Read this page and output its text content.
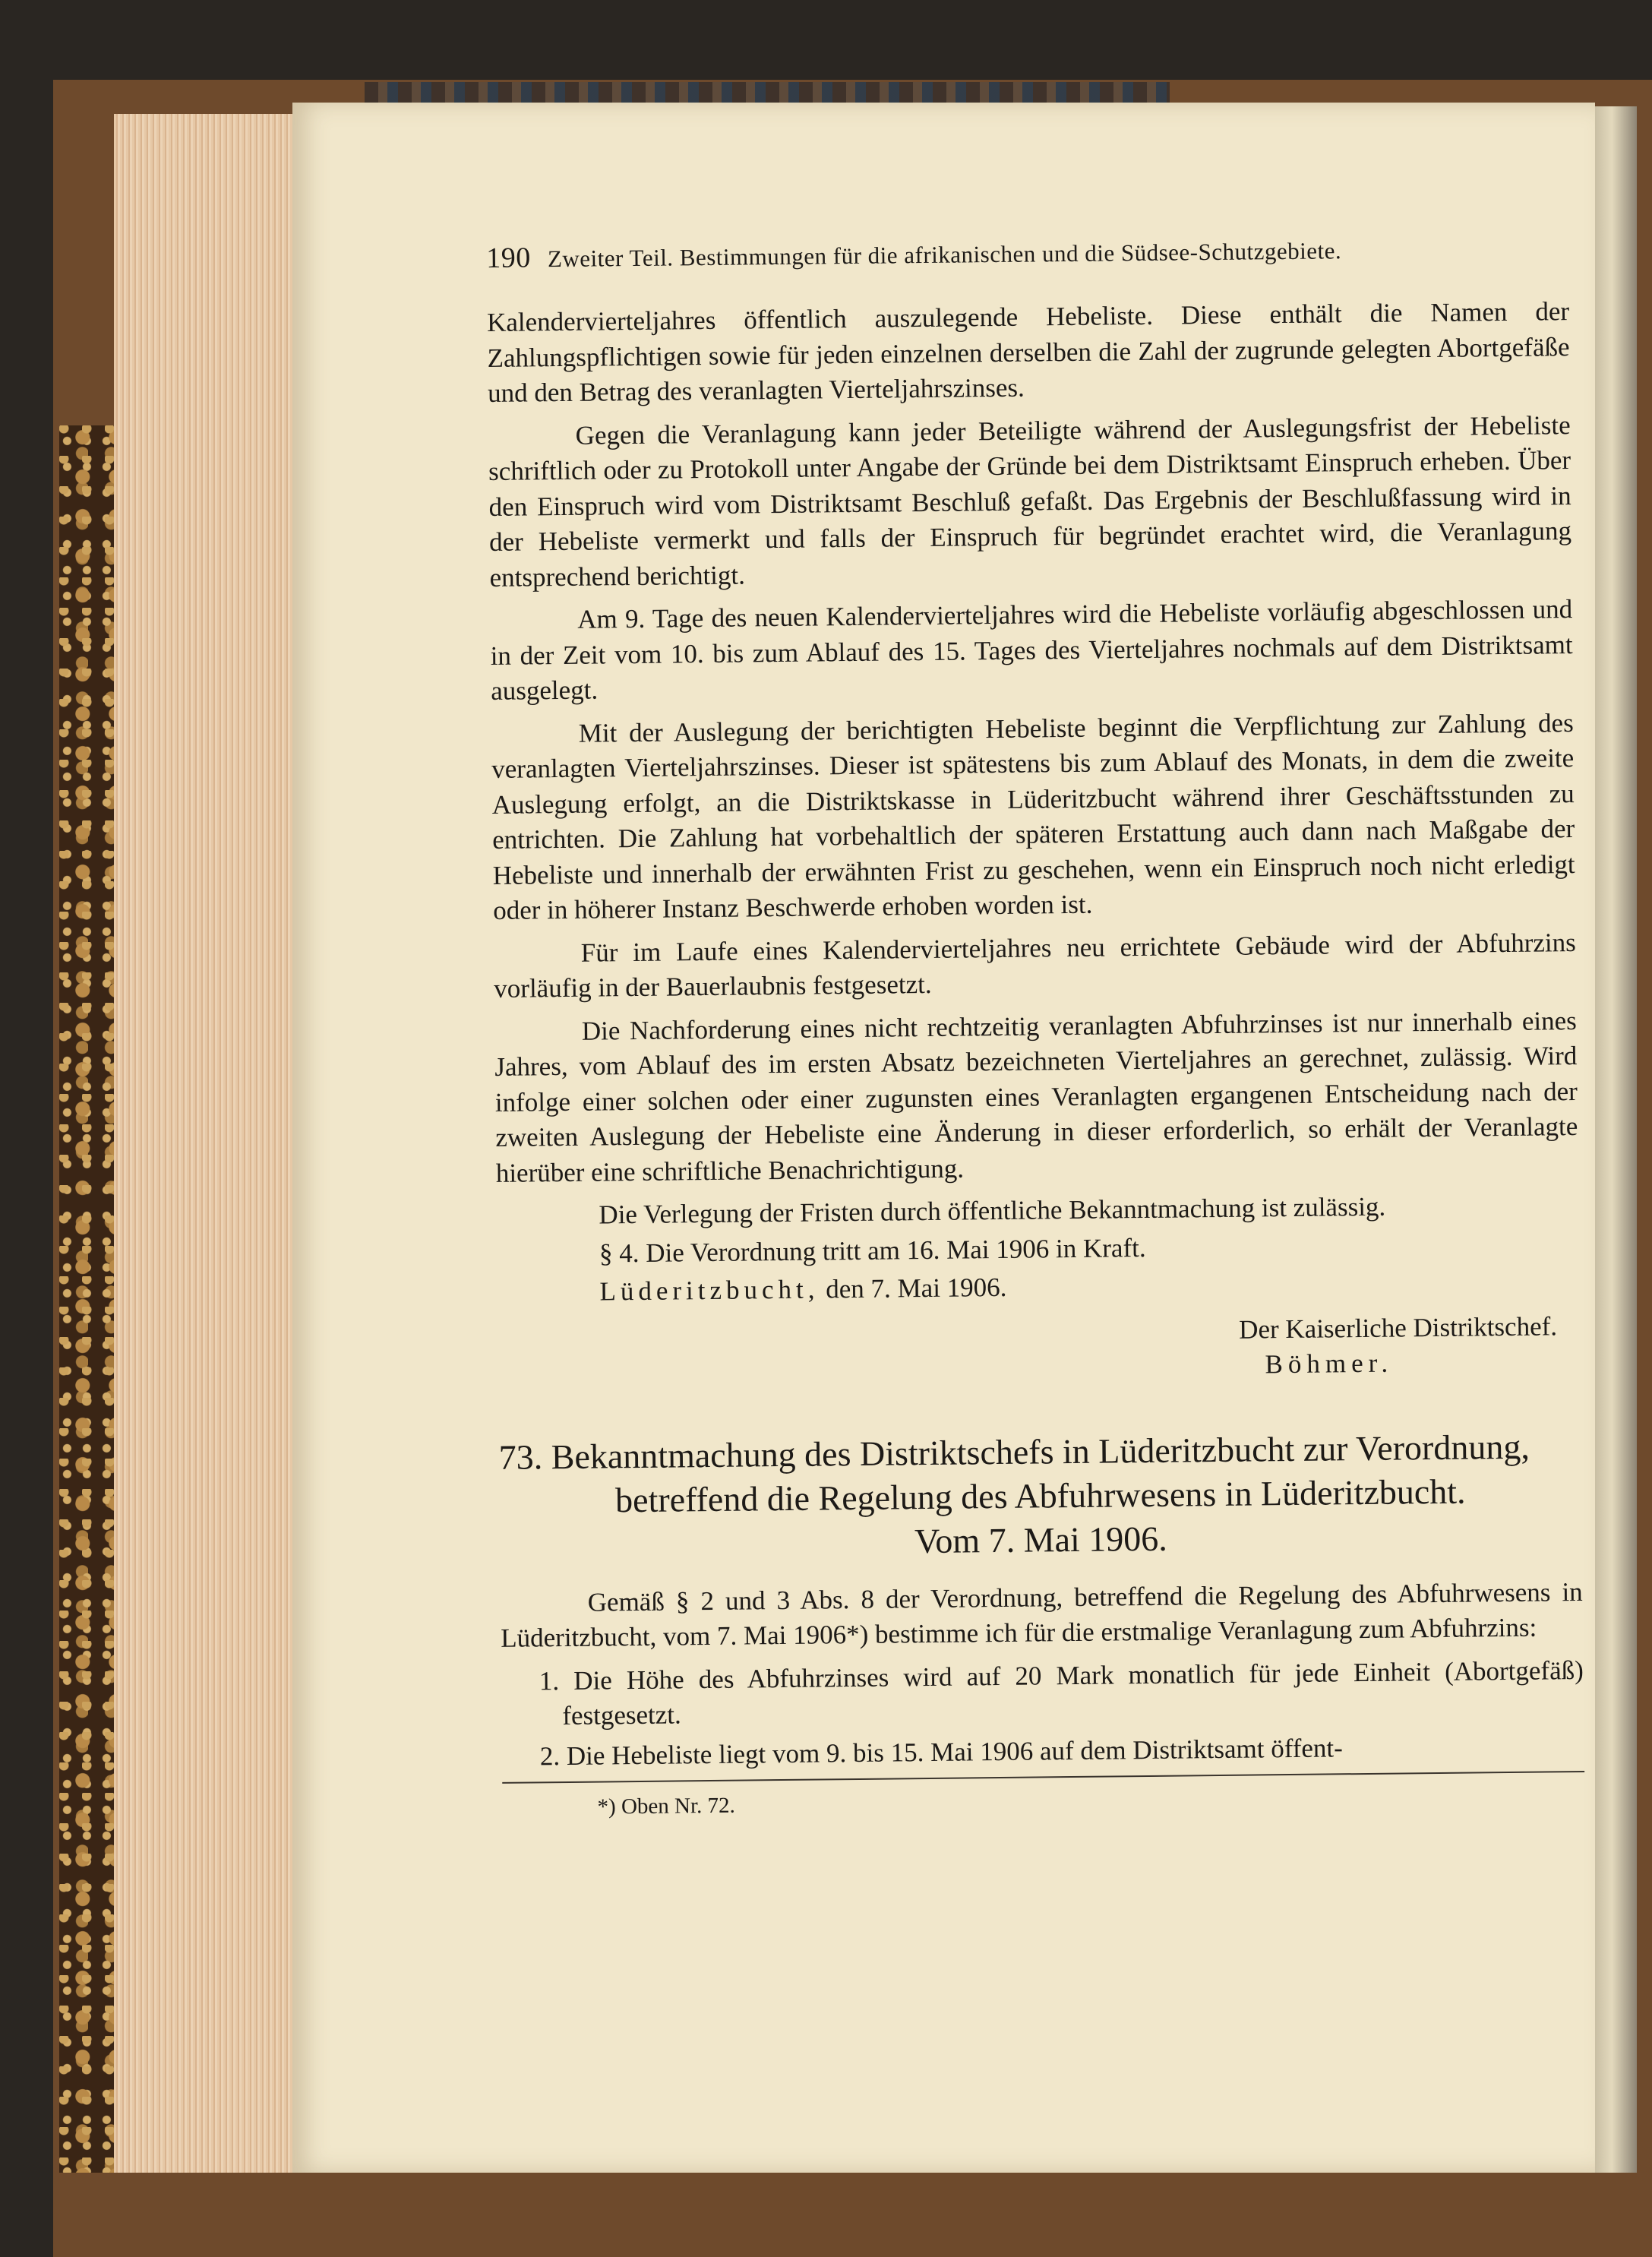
190 Zweiter Teil. Bestimmungen für die afrikanischen und die Südsee-Schutzgebiete.

Kalendervierteljahres öffentlich auszulegende Hebeliste. Diese enthält die Namen der Zahlungspflichtigen sowie für jeden einzelnen derselben die Zahl der zugrunde gelegten Abortgefäße und den Betrag des veranlagten Vierteljahrszinses.

Gegen die Veranlagung kann jeder Beteiligte während der Auslegungsfrist der Hebeliste schriftlich oder zu Protokoll unter Angabe der Gründe bei dem Distriktsamt Einspruch erheben. Über den Einspruch wird vom Distriktsamt Beschluß gefaßt. Das Ergebnis der Beschlußfassung wird in der Hebeliste vermerkt und falls der Einspruch für begründet erachtet wird, die Veranlagung entsprechend berichtigt.

Am 9. Tage des neuen Kalendervierteljahres wird die Hebeliste vorläufig abgeschlossen und in der Zeit vom 10. bis zum Ablauf des 15. Tages des Vierteljahres nochmals auf dem Distriktsamt ausgelegt.

Mit der Auslegung der berichtigten Hebeliste beginnt die Verpflichtung zur Zahlung des veranlagten Vierteljahrszinses. Dieser ist spätestens bis zum Ablauf des Monats, in dem die zweite Auslegung erfolgt, an die Distriktskasse in Lüderitzbucht während ihrer Geschäftsstunden zu entrichten. Die Zahlung hat vorbehaltlich der späteren Erstattung auch dann nach Maßgabe der Hebeliste und innerhalb der erwähnten Frist zu geschehen, wenn ein Einspruch noch nicht erledigt oder in höherer Instanz Beschwerde erhoben worden ist.

Für im Laufe eines Kalendervierteljahres neu errichtete Gebäude wird der Abfuhrzins vorläufig in der Bauerlaubnis festgesetzt.

Die Nachforderung eines nicht rechtzeitig veranlagten Abfuhrzinses ist nur innerhalb eines Jahres, vom Ablauf des im ersten Absatz bezeichneten Vierteljahres an gerechnet, zulässig. Wird infolge einer solchen oder einer zugunsten eines Veranlagten ergangenen Entscheidung nach der zweiten Auslegung der Hebeliste eine Änderung in dieser erforderlich, so erhält der Veranlagte hierüber eine schriftliche Benachrichtigung.

Die Verlegung der Fristen durch öffentliche Bekanntmachung ist zulässig.
§ 4. Die Verordnung tritt am 16. Mai 1906 in Kraft.
Lüderitzbucht, den 7. Mai 1906.
Der Kaiserliche Distriktschef.
Böhmer.
73. Bekanntmachung des Distriktschefs in Lüderitzbucht zur Verordnung,
betreffend die Regelung des Abfuhrwesens in Lüderitzbucht.
Vom 7. Mai 1906.

Gemäß § 2 und 3 Abs. 8 der Verordnung, betreffend die Regelung des Abfuhrwesens in Lüderitzbucht, vom 7. Mai 1906*) bestimme ich für die erstmalige Veranlagung zum Abfuhrzins:

1. Die Höhe des Abfuhrzinses wird auf 20 Mark monatlich für jede Einheit (Abortgefäß) festgesetzt.

2. Die Hebeliste liegt vom 9. bis 15. Mai 1906 auf dem Distriktsamt öffent-

*) Oben Nr. 72.
